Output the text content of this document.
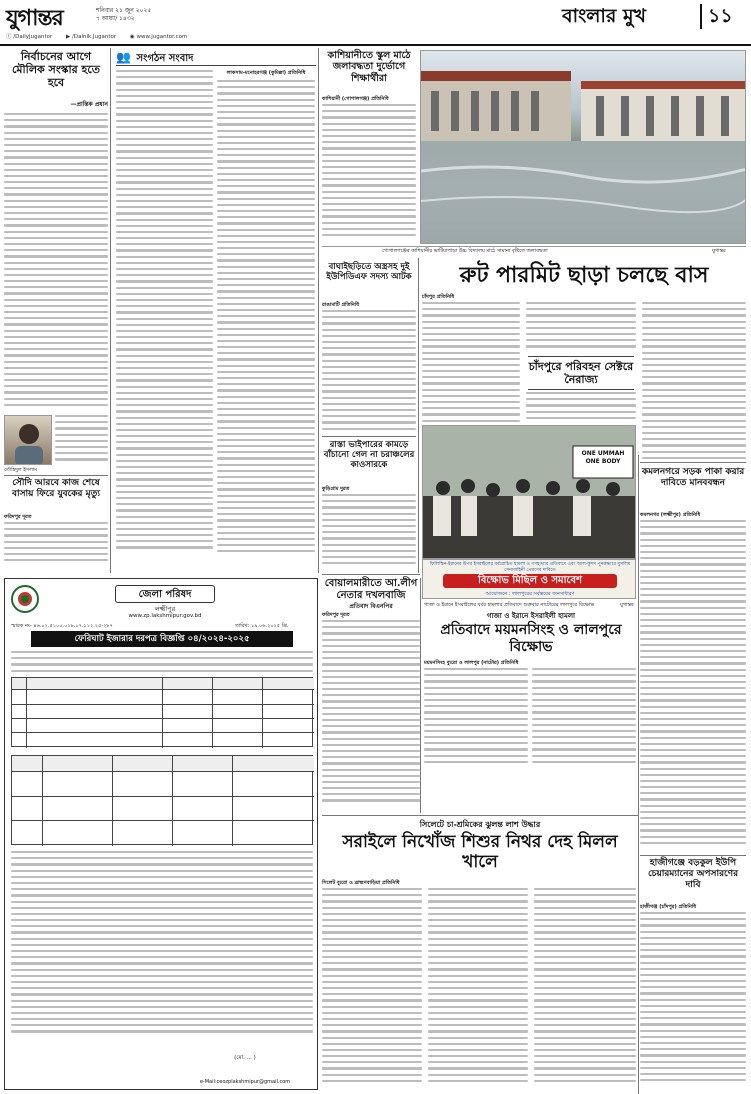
যুগান্তর	শনিবার ২১ জুন ২০২৫
৭ আষাঢ় ১৪৩২
ⓕ /DailyJugantor	▶ /Dainik.Jugantor	◉ www.jugantor.com
বাংলার মুখ	১১
নির্বাচনের আগে মৌলিক সংস্কার হতে হবে
—প্রান্তিক প্রধান
তৌহিদুল ইসলাম
সৌদি আরবে কাজ শেষে বাসায় ফিরে যুবকের মৃত্যু
ফরিদপুর দূরত
👥 সংগঠন সংবাদ
লাকসাম-মনোহরগঞ্জ (কুমিল্লা) প্রতিনিধি
কাশিয়ানীতে স্কুল মাঠে জলাবদ্ধতা দুর্ভোগে শিক্ষার্থীরা
কাশিয়ানী (গোপালগঞ্জ) প্রতিনিধি
গোপালগঞ্জের কাশিয়ানীর ভাটিয়াপাড়া উচ্চ বিদ্যালয় মাঠে সামান্য বৃষ্টিতে জলাবদ্ধতা	যুগান্তর
বাঘাইছড়িতে অস্ত্রসহ দুই ইউপিডিএফ সদস্য আটক
রাঙামাটি প্রতিনিধি
রাস্তা ভাইপারের কামড়ে বাঁচানো গেল না চরাঞ্চলের কাওসারকে
কুড়িগ্রাম দুরত
রুট পারমিট ছাড়া চলছে বাস
চাঁদপুর প্রতিনিধি
চাঁদপুরে পরিবহন সেক্টরে নৈরাজ্য
কমলনগরে সড়ক পাকা করার দাবিতে মানববন্ধন
কমলনগর (লক্ষ্মীপুর) প্রতিনিধি
ONE UMMAH ONE BODY
ফিলিস্তিন-ইরানের উপর ইসরাইলের বর্বরোচিত হামলা ও গণহত্যার প্রতিবাদে এবং আল-কুদস পুনরুদ্ধারে মুসলিম সেনাবাহিনী প্রেরণের দাবিতে
বিক্ষোভ মিছিল ও সমাবেশ
আয়োজনে : লালপুরের সর্বস্তরের জনসাধারণ
গাজা ও ইরানে ইসরাইলের বর্বর হামলার প্রতিবাদে শুক্রবার নাটোরের লালপুরে বিক্ষোভ	যুগান্তর
বোয়ালমারীতে আ.লীগ নেতার দখলবাজি
প্রতিবাদ বিএনপির
ফরিদপুর দূরত	গাজা ও ইরানে ইসরাইলী হামলা
প্রতিবাদে ময়মনসিংহ ও লালপুরে বিক্ষোভ
ময়মনসিংহ ব্যুরো ও লালপুর (নাটোর) প্রতিনিধি
হাজীগঞ্জে বড়কুল ইউপি চেয়ারম্যানের অপসারণের দাবি
হাজীগঞ্জ (চাঁদপুর) প্রতিনিধি
সিলেটে চা-শ্রমিকের ঝুলন্ত লাশ উদ্ধার
সরাইলে নিখোঁজ শিশুর নিথর দেহ মিলল খালে
সিলেট ব্যুরো ও ব্রাহ্মণবাড়িয়া প্রতিনিধি
জেলা পরিষদ
লক্ষ্মীপুর
www.zp.lakshmipur.gov.bd
স্মারক নং- ৪৬.০২.৫১০০.০১৮.০৭.১১২.২৫-২৮৭	তারিখ: ১৯.০৬.২০২৫ খ্রি.
ফেরিঘাট ইজারার দরপত্র বিজ্ঞপ্তি ০৪/২০২৪-২০২৫
(মো. ... )
e-Mail:ceozplakshmipur@gmail.com
